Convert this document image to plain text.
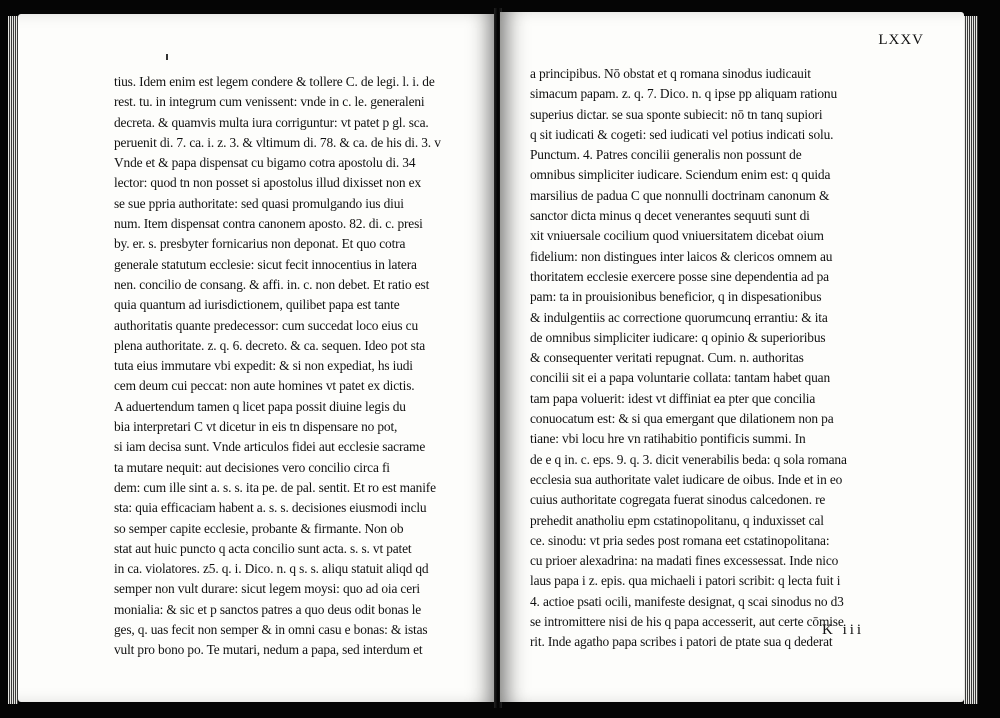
tius. Idem enim est legem condere & tollere C. de legi. l. i. de
rest. tu. in integrum cum venissent: vnde in c. le. generaleni
decreta. & quamvis multa iura corriguntur: vt patet p gl. sca.
peruenit di. 7. ca. i. z. 3. & vltimum di. 78. & ca. de his di. 3. v
Vnde et & papa dispensat cu bigamo cotra apostolu di. 34
lector: quod tn non posset si apostolus illud dixisset non ex
se sue ppria authoritate: sed quasi promulgando ius diui
num. Item dispensat contra canonem aposto. 82. di. c. presi
by. er. s. presbyter fornicarius non deponat. Et quo cotra
generale statutum ecclesie: sicut fecit innocentius in latera
nen. concilio de consang. & affi. in. c. non debet. Et ratio est
quia quantum ad iurisdictionem, quilibet papa est tante
authoritatis quante predecessor: cum succedat loco eius cu
plena authoritate. z. q. 6. decreto. & ca. sequen. Ideo pot sta
tuta eius immutare vbi expedit: & si non expediat, hs iudi
cem deum cui peccat: non aute homines vt patet ex dictis.
A aduertendum tamen q licet papa possit diuine legis du
bia interpretari C vt dicetur in eis tn dispensare no pot,
si iam decisa sunt. Vnde articulos fidei aut ecclesie sacrame
ta mutare nequit: aut decisiones vero concilio circa fi
dem: cum ille sint a. s. s. ita pe. de pal. sentit. Et ro est manife
sta: quia efficaciam habent a. s. s. decisiones eiusmodi inclu
so semper capite ecclesie, probante & firmante. Non ob
stat aut huic puncto q acta concilio sunt acta. s. s. vt patet
in ca. violatores. z5. q. i. Dico. n. q s. s. aliqu statuit aliqd qd
semper non vult durare: sicut legem moysi: quo ad oia ceri
monialia: & sic et p sanctos patres a quo deus odit bonas le
ges, q. uas fecit non semper & in omni casu e bonas: & istas
vult pro bono po. Te mutari, nedum a papa, sed interdum et
LXXV
a principibus. Nō obstat et q romana sinodus iudicauit
simacum papam. z. q. 7. Dico. n. q ipse pp aliquam rationu
superius dictar. se sua sponte subiecit: nō tn tanq supiori
q sit iudicati & cogeti: sed iudicati vel potius indicati solu.
Punctum. 4. Patres concilii generalis non possunt de
omnibus simpliciter iudicare. Sciendum enim est: q quida
marsilius de padua C que nonnulli doctrinam canonum &
sanctor dicta minus q decet venerantes sequuti sunt di
xit vniuersale cocilium quod vniuersitatem dicebat oium
fidelium: non distingues inter laicos & clericos omnem au
thoritatem ecclesie exercere posse sine dependentia ad pa
pam: ta in prouisionibus beneficior, q in dispesationibus
& indulgentiis ac correctione quorumcunq errantiu: & ita
de omnibus simpliciter iudicare: q opinio & superioribus
& consequenter veritati repugnat. Cum. n. authoritas
concilii sit ei a papa voluntarie collata: tantam habet quan
tam papa voluerit: idest vt diffiniat ea pter que concilia
conuocatum est: & si qua emergant que dilationem non pa
tiane: vbi locu hre vn ratihabitio pontificis summi. In
de e q in. c. eps. 9. q. 3. dicit venerabilis beda: q sola romana
ecclesia sua authoritate valet iudicare de oibus. Inde et in eo
cuius authoritate cogregata fuerat sinodus calcedonen. re
prehedit anatholiu epm cstatinopolitanu, q induxisset cal
ce. sinodu: vt pria sedes post romana eet cstatinopolitana:
cu prioer alexadrina: na madati fines excessessat. Inde nico
laus papa i z. epis. qua michaeli i patori scribit: q lecta fuit i
4. actioe psati ocili, manifeste designat, q scai sinodus no d3
se intromittere nisi de his q papa accesserit, aut certe cōmise
rit. Inde agatho papa scribes i patori de ptate sua q dederat
K iii
